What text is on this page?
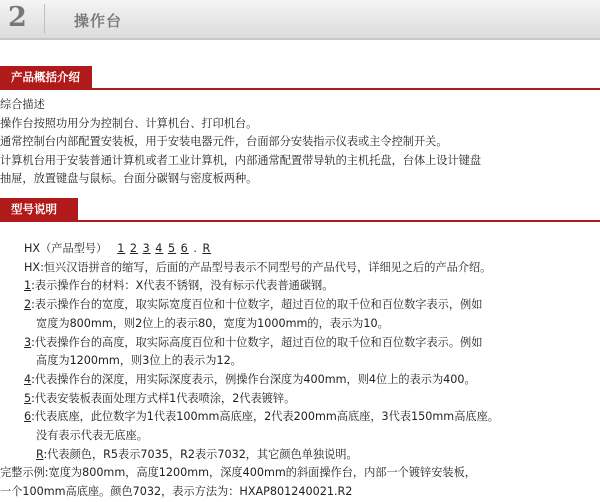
2	操作台
产品概括介绍
综合描述
操作台按照功用分为控制台、计算机台、打印机台。
通常控制台内部配置安装板，用于安装电器元件，台面部分安装指示仪表或主令控制开关。
计算机台用于安装普通计算机或者工业计算机，内部通常配置带导轨的主机托盘，台体上设计键盘
抽屉，放置键盘与鼠标。台面分碳钢与密度板两种。
型号说明
HX（产品型号） 1 2 3 4 5 6 . R
HX:恒兴汉语拼音的缩写，后面的产品型号表示不同型号的产品代号，详细见之后的产品介绍。
1:表示操作台的材料：X代表不锈钢，没有标示代表普通碳钢。
2:表示操作台的宽度，取实际宽度百位和十位数字，超过百位的取千位和百位数字表示，例如
宽度为800mm，则2位上的表示80，宽度为1000mm的，表示为10。
3:代表操作台的高度，取实际高度百位和十位数字，超过百位的取千位和百位数字表示。例如
高度为1200mm，则3位上的表示为12。
4:代表操作台的深度，用实际深度表示，例操作台深度为400mm，则4位上的表示为400。
5:代表安装板表面处理方式样1代表喷涂，2代表镀锌。
6:代表底座，此位数字为1代表100mm高底座，2代表200mm高底座，3代表150mm高底座。
没有表示代表无底座。
R:代表颜色，R5表示7035，R2表示7032，其它颜色单独说明。
完整示例:宽度为800mm，高度1200mm，深度400mm的斜面操作台，内部一个镀锌安装板，
一个100mm高底座。颜色7032，表示方法为：HXAP801240021.R2
